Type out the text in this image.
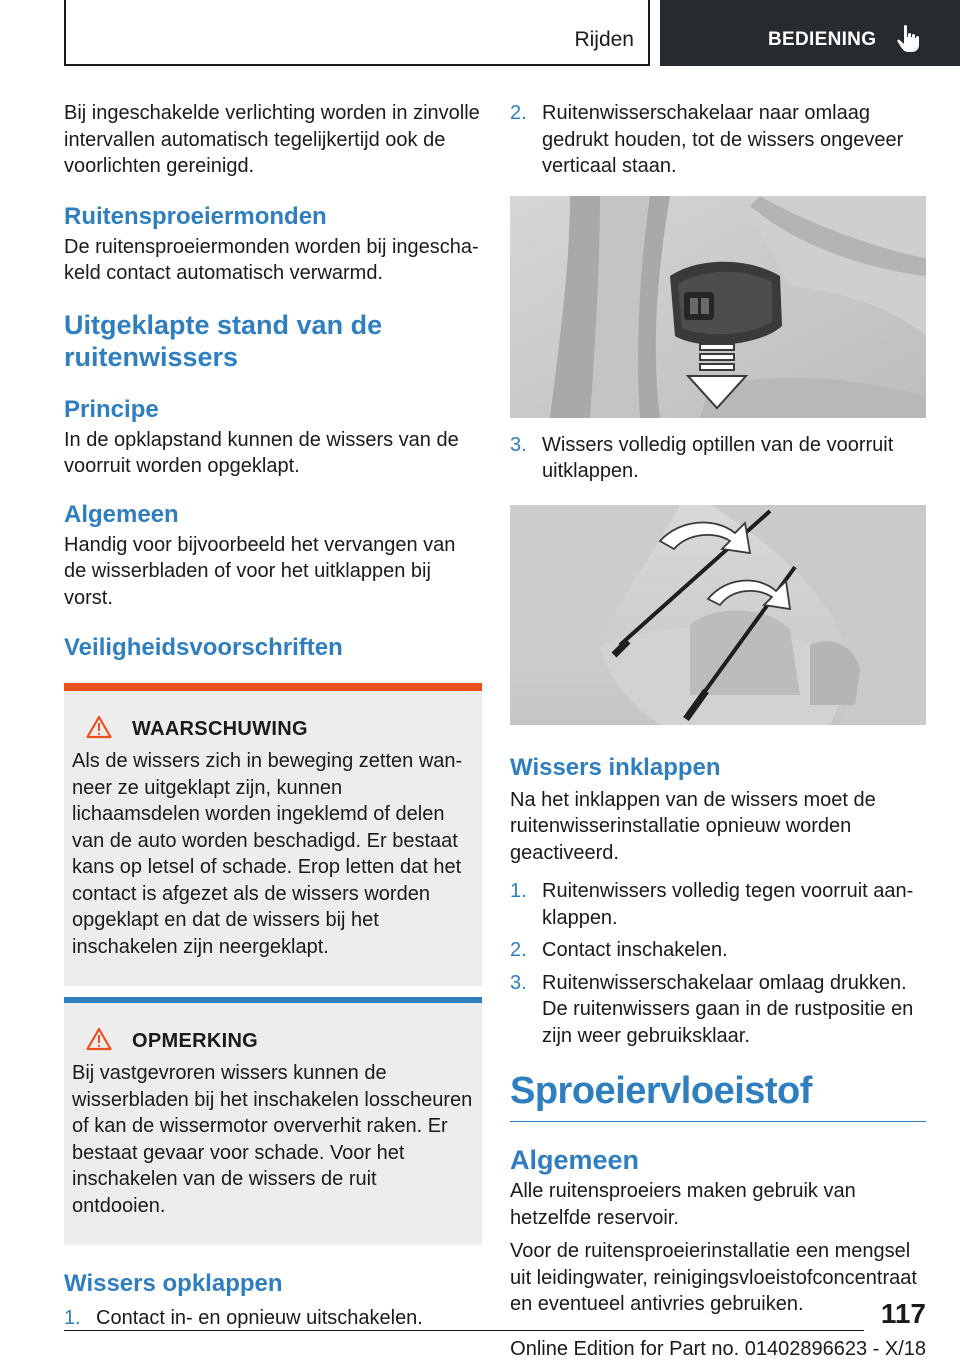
Rijden	BEDIENING

Bij ingeschakelde verlichting worden in zinvolle intervallen automatisch tegelijkertijd ook de voorlichten gereinigd.

Ruitensproeiermonden

De ruitensproeiermonden worden bij ingeschakeld contact automatisch verwarmd.

Uitgeklapte stand van de ruitenwissers
Principe

In de opklapstand kunnen de wissers van de voorruit worden opgeklapt.

Algemeen

Handig voor bijvoorbeeld het vervangen van de wisserbladen of voor het uitklappen bij vorst.

Veiligheidsvoorschriften
WAARSCHUWING

Als de wissers zich in beweging zetten wanneer ze uitgeklapt zijn, kunnen lichaamsdelen worden ingeklemd of delen van de auto worden beschadigd. Er bestaat kans op letsel of schade. Erop letten dat het contact is afgezet als de wissers worden opgeklapt en dat de wissers bij het inschakelen zijn neergeklapt.

OPMERKING

Bij vastgevroren wissers kunnen de wisserbladen bij het inschakelen losscheuren of kan de wissermotor oververhit raken. Er bestaat gevaar voor schade. Voor het inschakelen van de wissers de ruit ontdooien.

Wissers opklappen
1. Contact in- en opnieuw uitschakelen.
2. Ruitenwisserschakelaar naar omlaag gedrukt houden, tot de wissers ongeveer verticaal staan.
3. Wissers volledig optillen van de voorruit uitklappen.
Wissers inklappen

Na het inklappen van de wissers moet de ruitenwisserinstallatie opnieuw worden geactiveerd.

1. Ruitenwissers volledig tegen voorruit aanklappen.
2. Contact inschakelen.
3. Ruitenwisserschakelaar omlaag drukken. De ruitenwissers gaan in de rustpositie en zijn weer gebruiksklaar.
Sproeiervloeistof
Algemeen

Alle ruitensproeiers maken gebruik van hetzelfde reservoir.

Voor de ruitensproeierinstallatie een mengsel uit leidingwater, reinigingsvloeistofconcentraat en eventueel antivries gebruiken.	117
Online Edition for Part no. 01402896623 - X/18
